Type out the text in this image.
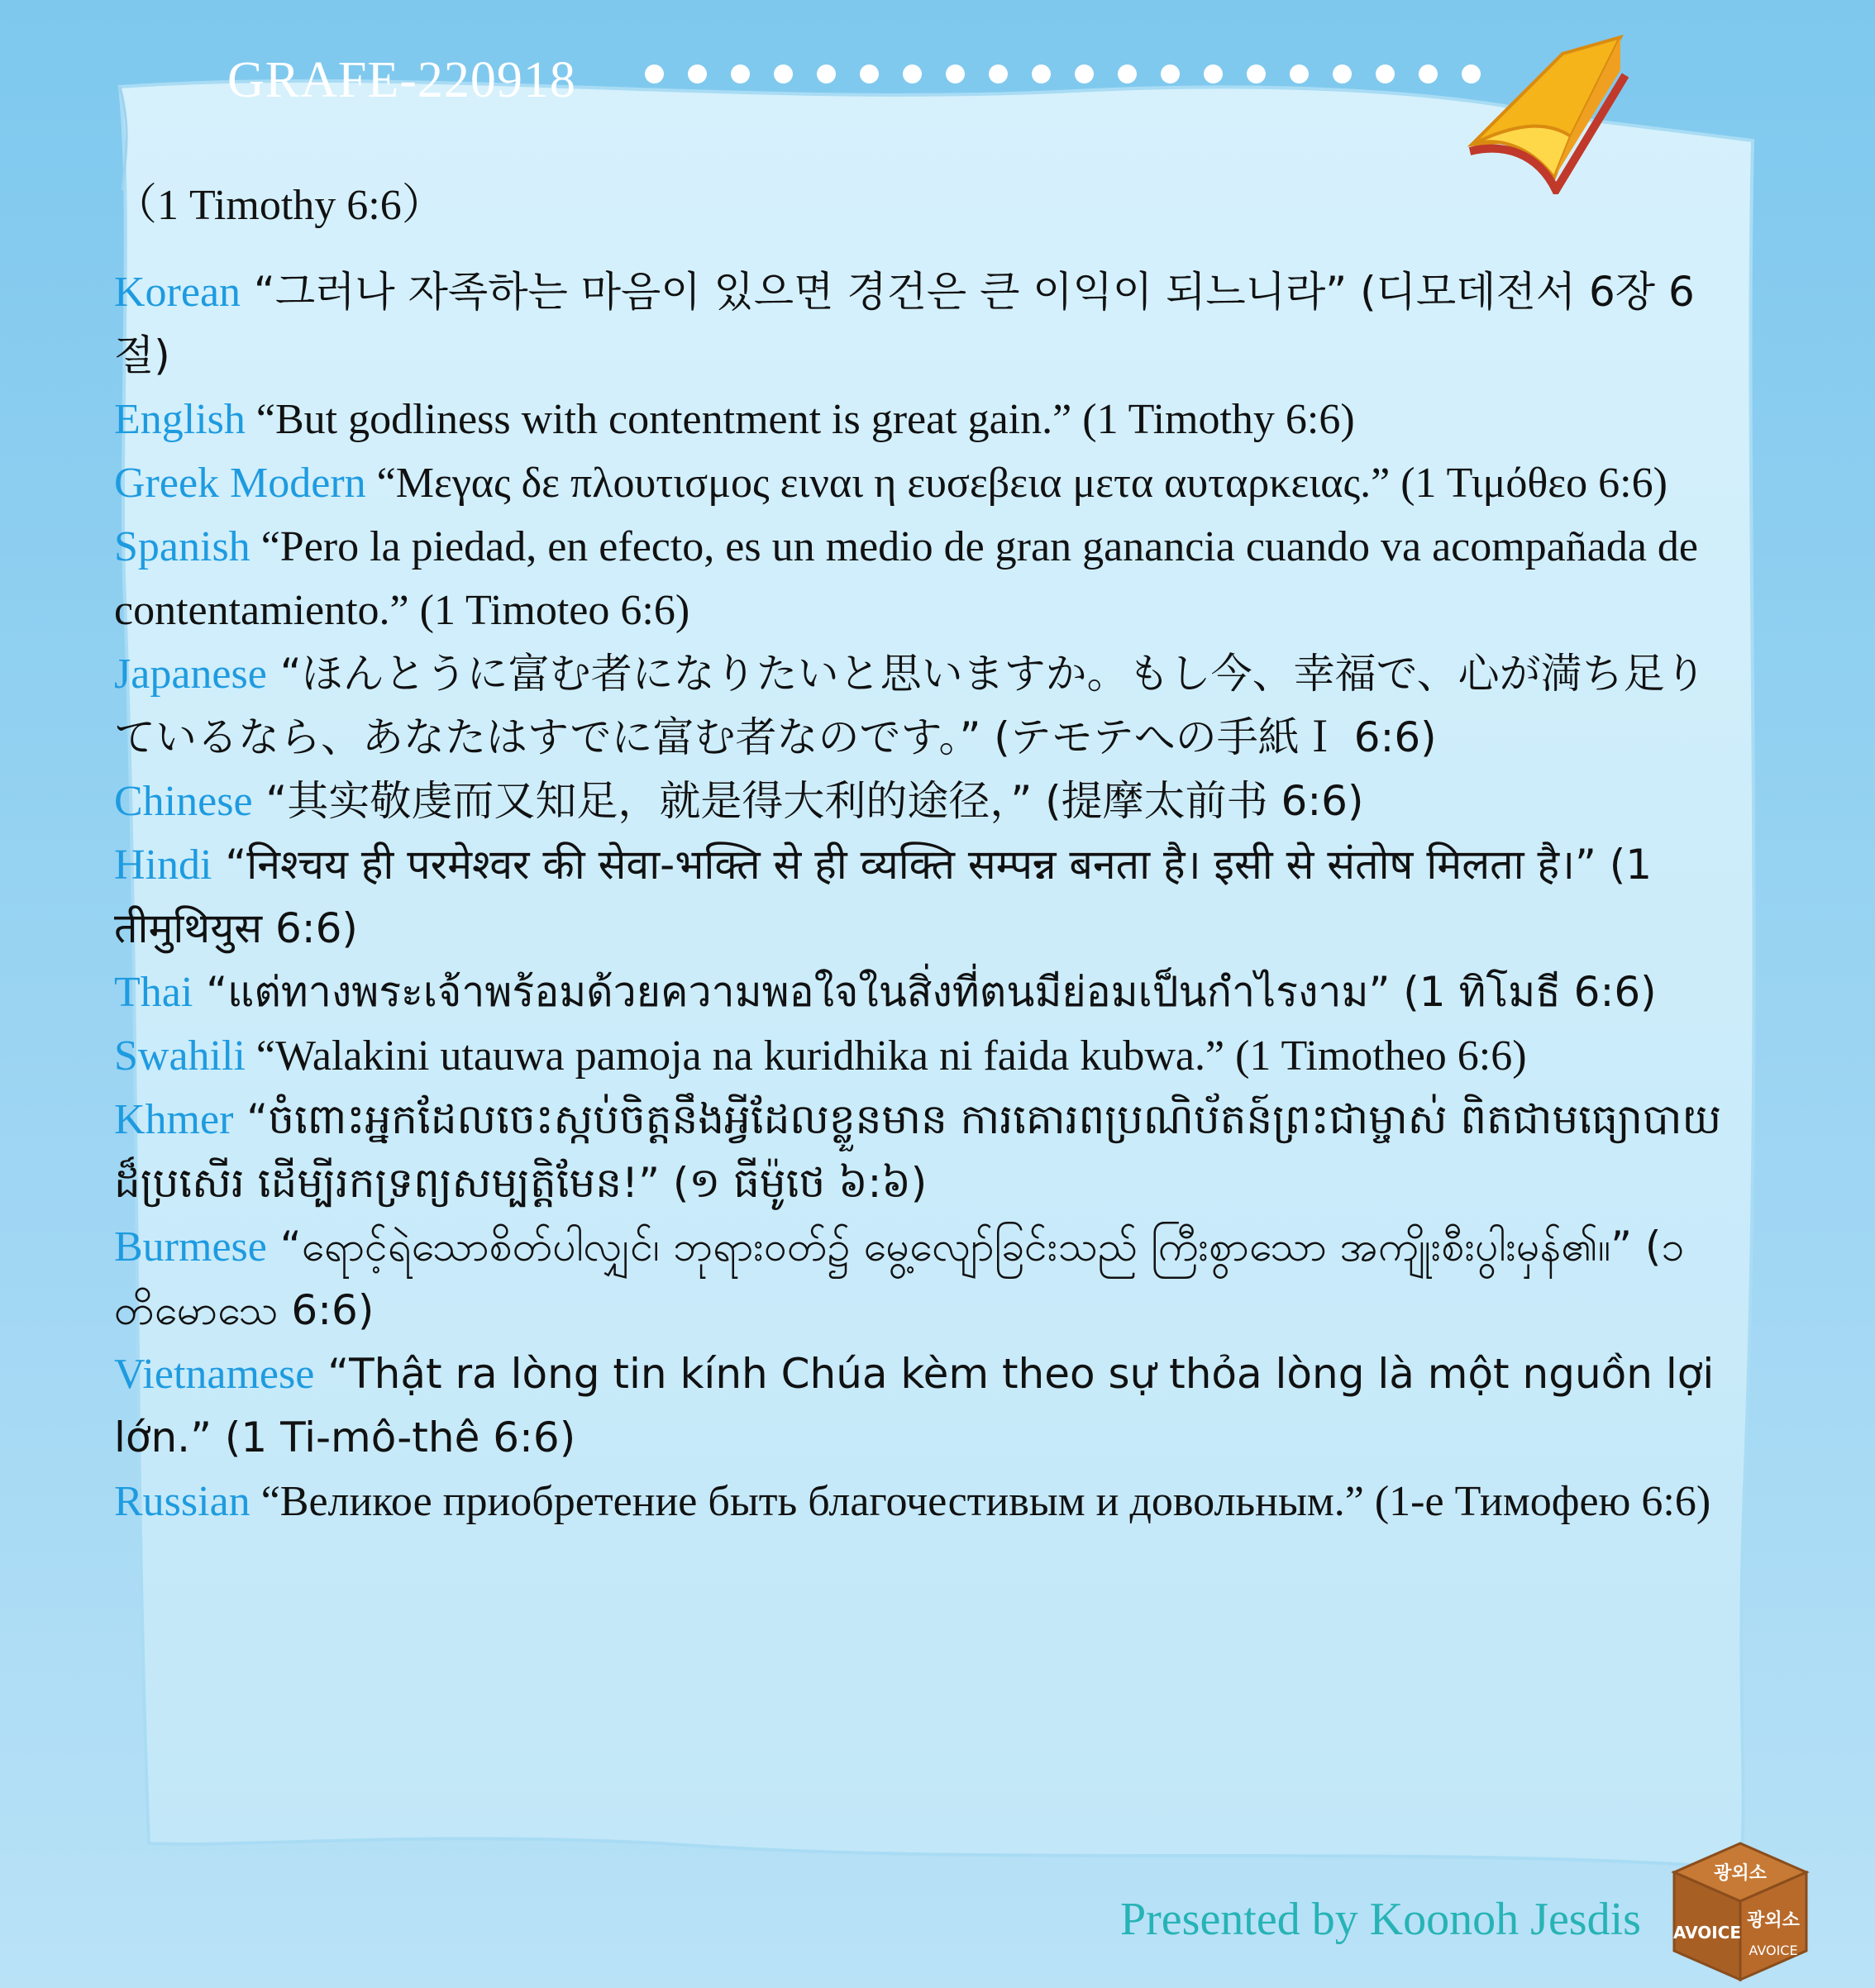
GRAFE-220918
（1 Timothy 6:6）
Korean “그러나 자족하는 마음이 있으면 경건은 큰 이익이 되느니라” (디모데전서 6장 6절)
English “But godliness with contentment is great gain.” (1 Timothy 6:6)
Greek Modern “Μεγας δε πλουτισμος ειναι η ευσεβεια μετα αυταρκειας.” (1 Τιμόθεο 6:6)
Spanish “Pero la piedad, en efecto, es un medio de gran ganancia cuando va acompañada de contentamiento.” (1 Timoteo 6:6)
Japanese “ほんとうに富む者になりたいと思いますか。もし今、幸福で、心が満ち足りているなら、あなたはすでに富む者なのです。” (テモテへの手紙Ｉ 6:6)
Chinese “其实敬虔而又知足，就是得大利的途径，” (提摩太前书 6:6)
Hindi “निश्चय ही परमेश्वर की सेवा-भक्ति से ही व्यक्ति सम्पन्न बनता है। इसी से संतोष मिलता है।” (1 तीमुथियुस 6:6)
Thai “แต่ทางพระเจ้าพร้อมด้วยความพอใจในสิ่งที่ตนมีย่อมเป็นกำไรงาม” (1 ทิโมธี 6:6)
Swahili “Walakini utauwa pamoja na kuridhika ni faida kubwa.” (1 Timotheo 6:6)
Khmer “ចំពោះអ្នកដែលចេះស្កប់ចិត្តនឹងអ្វីដែលខ្លួនមាន ការគោរពប្រណិប័តន៍ព្រះជាម្ចាស់ ពិតជាមធ្យោបាយដ៏ប្រសើរ ដើម្បីរកទ្រព្យសម្បត្តិមែន!” (១ ធីម៉ូថេ ៦:៦)
Burmese “ရောင့်ရဲသောစိတ်ပါလျှင်၊ ဘုရားဝတ်၌ မွေ့လျော်ခြင်းသည် ကြီးစွာသော အကျိုးစီးပွါးမှန်၏။” (၁ တိမောသေ 6:6)
Vietnamese “Thật ra lòng tin kính Chúa kèm theo sự thỏa lòng là một nguồn lợi lớn.” (1 Ti-mô-thê 6:6)
Russian “Великое приобретение быть благочестивым и довольным.” (1-е Тимофею 6:6)
Presented by Koonoh Jesdis
광외소
AVOICE
광외소
AVOICE
